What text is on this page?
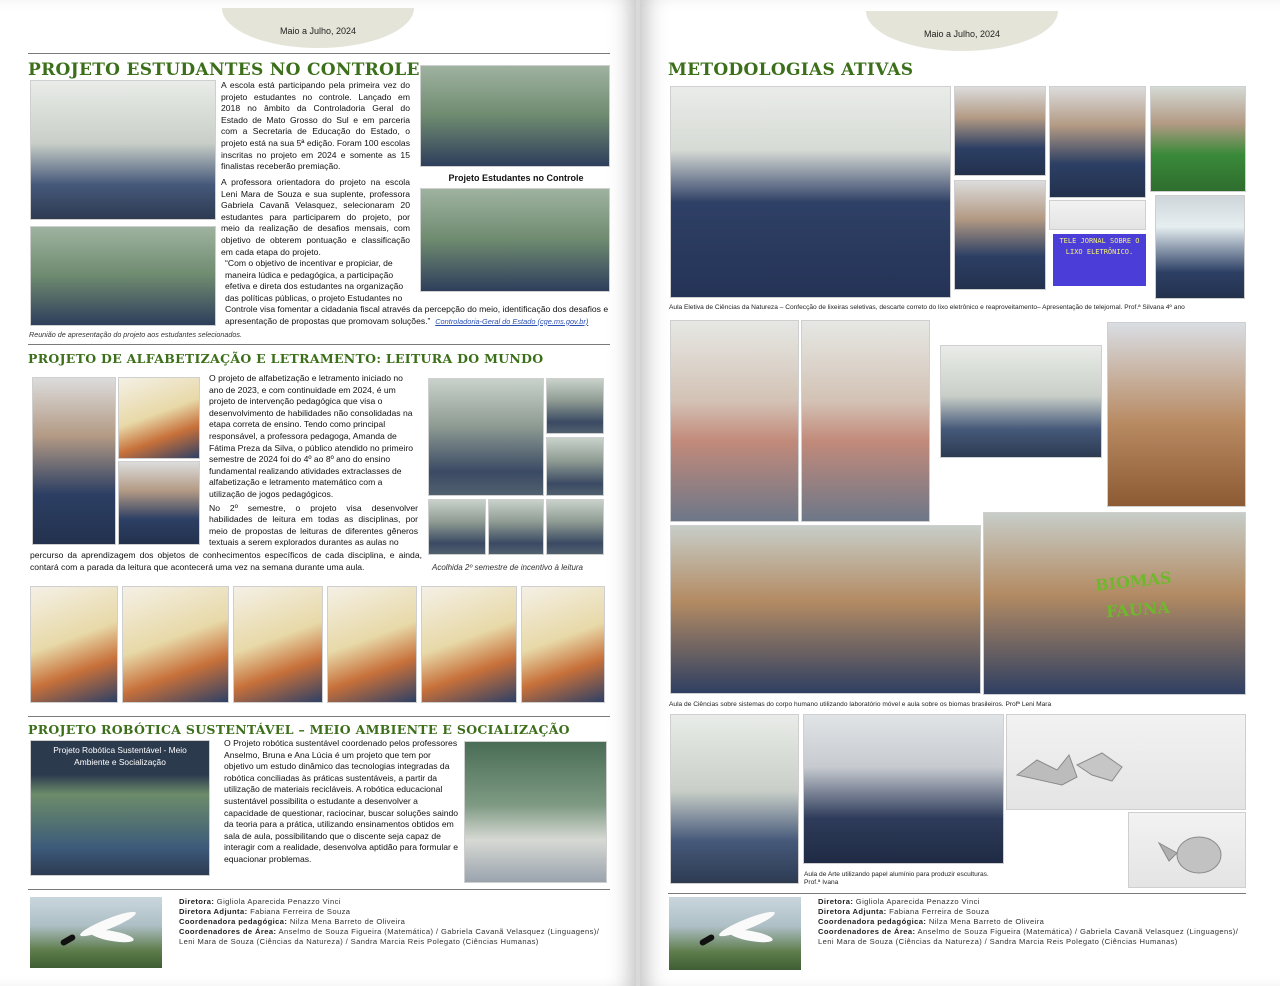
Maio a Julho, 2024
PROJETO ESTUDANTES NO CONTROLE
Projeto Estudantes no Controle
A escola está participando pela primeira vez do projeto estudantes no controle. Lançado em 2018 no âmbito da Controladoria Geral do Estado de Mato Grosso do Sul e em parceria com a Secretaria de Educação do Estado, o projeto está na sua 5ª edição. Foram 100 escolas inscritas no projeto em 2024 e somente as 15 finalistas receberão premiação.
A professora orientadora do projeto na escola Leni Mara de Souza e sua suplente, professora Gabriela Cavanã Velasquez, selecionaram 20 estudantes para participarem do projeto, por meio da realização de desafios mensais, com objetivo de obterem pontuação e classificação em cada etapa do projeto.
“Com o objetivo de incentivar e propiciar, de maneira lúdica e pedagógica, a participação efetiva e direta dos estudantes na organização das políticas públicas, o projeto Estudantes no
Controle visa fomentar a cidadania fiscal através da percepção do meio, identificação dos desafios e apresentação de propostas que promovam soluções.”  Controladoria-Geral do Estado (cge.ms.gov.br)
Reunião de apresentação do projeto aos estudantes selecionados.
PROJETO DE ALFABETIZAÇÃO E LETRAMENTO: LEITURA DO MUNDO
O projeto de alfabetização e letramento iniciado no ano de 2023, e com continuidade em 2024, é um projeto de intervenção pedagógica que visa o desenvolvimento de habilidades não consolidadas na etapa correta de ensino. Tendo como principal responsável, a professora pedagoga, Amanda de Fátima Preza da Silva, o público atendido no primeiro semestre de 2024 foi do 4º ao 8º ano do ensino fundamental realizando atividades extraclasses de alfabetização e letramento matemático com a utilização de jogos pedagógicos.
No 2º semestre, o projeto visa desenvolver habilidades de leitura em todas as disciplinas, por meio de propostas de leituras de diferentes gêneros textuais a serem explorados durantes as aulas no
percurso da aprendizagem dos objetos de conhecimentos específicos de cada disciplina, e ainda, contará com a parada da leitura que acontecerá uma vez na semana durante uma aula.	Acolhida 2º semestre de incentivo à leitura
PROJETO ROBÓTICA SUSTENTÁVEL – MEIO AMBIENTE E SOCIALIZAÇÃO
Projeto Robótica Sustentável - Meio Ambiente e Socialização
O Projeto robótica sustentável coordenado pelos professores Anselmo, Bruna e Ana Lúcia é um projeto que tem por objetivo um estudo dinâmico das tecnologias integradas da robótica conciliadas às práticas sustentáveis, a partir da utilização de materiais recicláveis. A robótica educacional sustentável possibilita o estudante a desenvolver a capacidade de questionar, raciocinar, buscar soluções saindo da teoria para a prática, utilizando ensinamentos obtidos em sala de aula, possibilitando que o discente seja capaz de interagir com a realidade, desenvolva aptidão para formular e equacionar problemas.
Diretora: Gigliola Aparecida Penazzo Vinci
Diretora Adjunta: Fabiana Ferreira de Souza
Coordenadora pedagógica: Nilza Mena Barreto de Oliveira
Coordenadores de Área: Anselmo de Souza Figueira (Matemática) / Gabriela Cavanã Velasquez (Linguagens)/
Leni Mara de Souza (Ciências da Natureza) / Sandra Marcia Reis Polegato (Ciências Humanas)
Maio a Julho, 2024
METODOLOGIAS ATIVAS
TELE JORNAL SOBRE O LIXO ELETRÔNICO.
Aula Eletiva de Ciências da Natureza – Confecção de lixeiras seletivas, descarte correto do lixo eletrônico e reaproveitamento– Apresentação de telejornal. Prof.ª Silvana 4º ano
BIOMAS
FAUNA
Aula de Ciências sobre sistemas do corpo humano utilizando laboratório móvel e aula sobre os biomas brasileiros. Profª Leni Mara
Aula de Arte utilizando papel alumínio para produzir esculturas.
Prof.ª Ivana
Diretora: Gigliola Aparecida Penazzo Vinci
Diretora Adjunta: Fabiana Ferreira de Souza
Coordenadora pedagógica: Nilza Mena Barreto de Oliveira
Coordenadores de Área: Anselmo de Souza Figueira (Matemática) / Gabriela Cavanã Velasquez (Linguagens)/
Leni Mara de Souza (Ciências da Natureza) / Sandra Marcia Reis Polegato (Ciências Humanas)
